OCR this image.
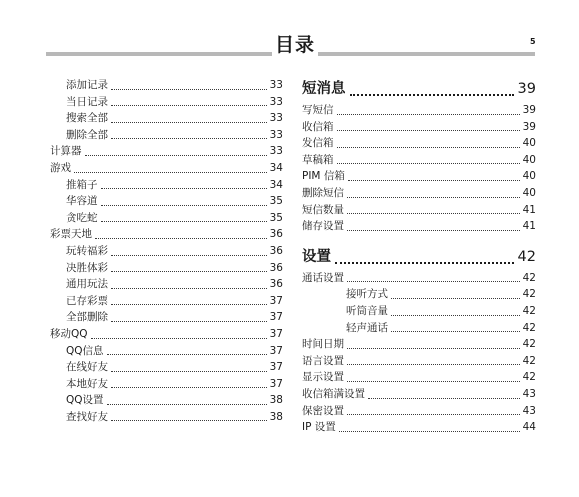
目录	5
添加记录	33
当日记录	33
搜索全部	33
删除全部	33
计算器	33
游戏	34
推箱子	34
华容道	35
贪吃蛇	35
彩票天地	36
玩转福彩	36
决胜体彩	36
通用玩法	36
已存彩票	37
全部删除	37
移动QQ	37
QQ信息	37
在线好友	37
本地好友	37
QQ设置	38
查找好友	38
短消息	39
写短信	39
收信箱	39
发信箱	40
草稿箱	40
PIM 信箱	40
删除短信	40
短信数量	41
储存设置	41
设置	42
通话设置	42
接听方式	42
听筒音量	42
轻声通话	42
时间日期	42
语言设置	42
显示设置	42
收信箱满设置	43
保密设置	43
IP 设置	44
